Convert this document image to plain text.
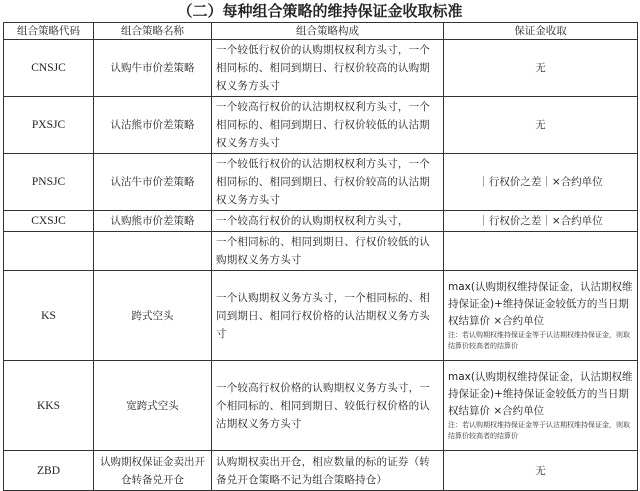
（二）每种组合策略的维持保证金收取标准
组合策略代码	组合策略名称	组合策略构成	保证金收取
CNSJC	认购牛市价差策略	一个较低行权价的认购期权权利方头寸，一个相同标的、相同到期日、行权价较高的认购期权义务方头寸	无
PXSJC	认沽熊市价差策略	一个较高行权价的认沽期权权利方头寸，一个相同标的、相同到期日、行权价较低的认沽期权义务方头寸	无
PNSJC	认沽牛市价差策略	一个较低行权价的认沽期权权利方头寸，一个相同标的、相同到期日、行权价较高的认沽期权义务方头寸	｜行权价之差｜×合约单位
CXSJC	认购熊市价差策略	一个较高行权价的认购期权权利方头寸，	｜行权价之差｜×合约单位
		一个相同标的、相同到期日、行权价较低的认购期权义务方头寸	
KS	跨式空头	一个认购期权义务方头寸，一个相同标的、相同到期日、相同行权价格的认沽期权义务方头寸	max(认购期权维持保证金，认沽期权维持保证金)+维持保证金较低方的当日期权结算价 ×合约单位
注：若认购期权维持保证金等于认沽期权维持保证金，则取结算价较高者的结算价

KKS	宽跨式空头	一个较高行权价格的认购期权义务方头寸，一个相同标的、相同到期日、较低行权价格的认沽期权义务方头寸	max(认购期权维持保证金，认沽期权维持保证金)+维持保证金较低方的当日期权结算价 ×合约单位
注：若认购期权维持保证金等于认沽期权维持保证金，则取结算价较高者的结算价

ZBD	认购期权保证金卖出开仓转备兑开仓	认购期权卖出开仓，相应数量的标的证券（转备兑开仓策略不记为组合策略持仓）	无
